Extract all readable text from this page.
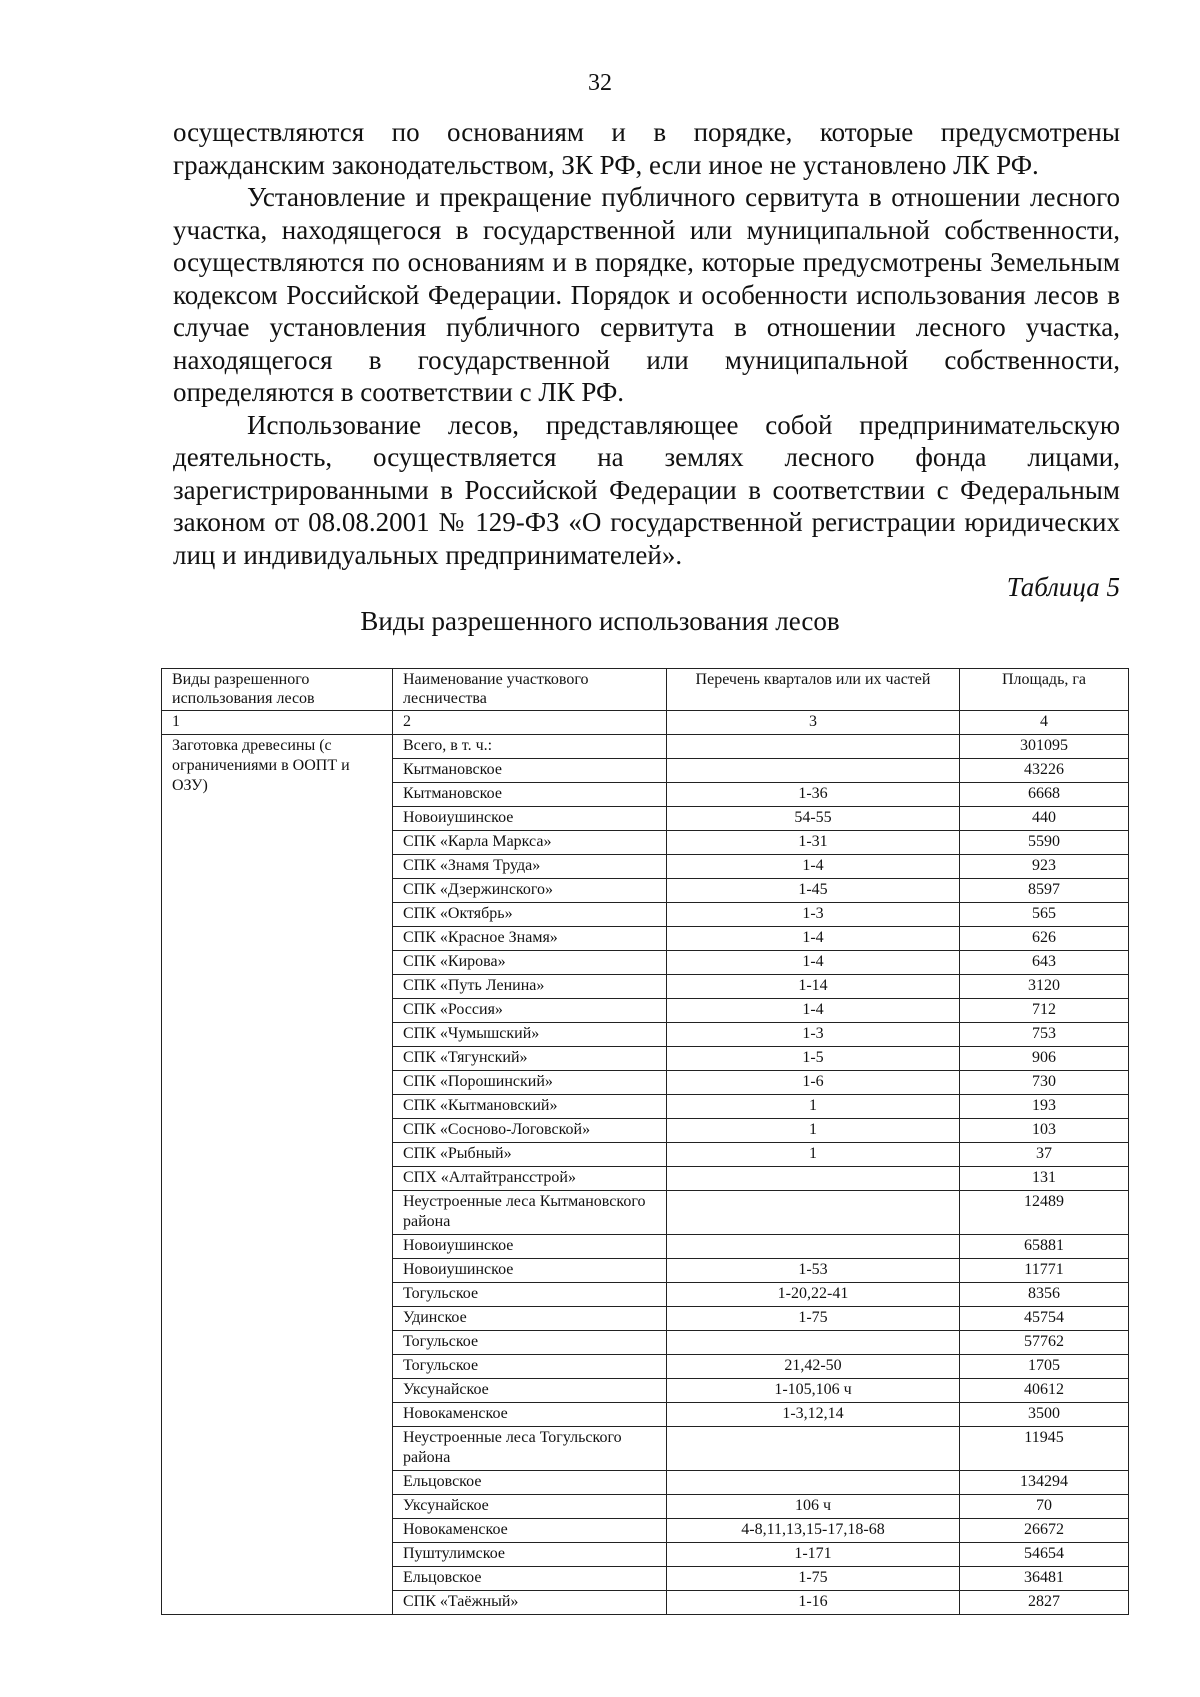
32

осуществляются по основаниям и в порядке, которые предусмотрены гражданским законодательством, ЗК РФ, если иное не установлено ЛК РФ.

Установление и прекращение публичного сервитута в отношении лесного участка, находящегося в государственной или муниципальной собственности, осуществляются по основаниям и в порядке, которые предусмотрены Земельным кодексом Российской Федерации. Порядок и особенности использования лесов в случае установления публичного сервитута в отношении лесного участка, находящегося в государственной или муниципальной собственности, определяются в соответствии с ЛК РФ.

Использование лесов, представляющее собой предпринимательскую деятельность, осуществляется на землях лесного фонда лицами, зарегистрированными в Российской Федерации в соответствии с Федеральным законом от 08.08.2001 № 129-ФЗ «О государственной регистрации юридических лиц и индивидуальных предпринимателей».

Таблица 5
Виды разрешенного использования лесов
Виды разрешенного использования лесов	Наименование участкового лесничества	Перечень кварталов или их частей	Площадь, га
1	2	3	4
Заготовка древесины (с ограничениями в ООПТ и ОЗУ)	Всего, в т. ч.:		301095
	Кытмановское		43226
	Кытмановское	1-36	6668
	Новоиушинское	54-55	440
	СПК «Карла Маркса»	1-31	5590
	СПК «Знамя Труда»	1-4	923
	СПК «Дзержинского»	1-45	8597
	СПК «Октябрь»	1-3	565
	СПК «Красное Знамя»	1-4	626
	СПК «Кирова»	1-4	643
	СПК «Путь Ленина»	1-14	3120
	СПК «Россия»	1-4	712
	СПК «Чумышский»	1-3	753
	СПК «Тягунский»	1-5	906
	СПК «Порошинский»	1-6	730
	СПК «Кытмановский»	1	193
	СПК «Сосново-Логовской»	1	103
	СПК «Рыбный»	1	37
	СПХ «Алтайтрансстрой»		131
	Неустроенные леса Кытмановского района		12489
	Новоиушинское		65881
	Новоиушинское	1-53	11771
	Тогульское	1-20,22-41	8356
	Удинское	1-75	45754
	Тогульское		57762
	Тогульское	21,42-50	1705
	Уксунайское	1-105,106 ч	40612
	Новокаменское	1-3,12,14	3500
	Неустроенные леса Тогульского района		11945
	Ельцовское		134294
	Уксунайское	106 ч	70
	Новокаменское	4-8,11,13,15-17,18-68	26672
	Пуштулимское	1-171	54654
	Ельцовское	1-75	36481
	СПК «Таёжный»	1-16	2827
